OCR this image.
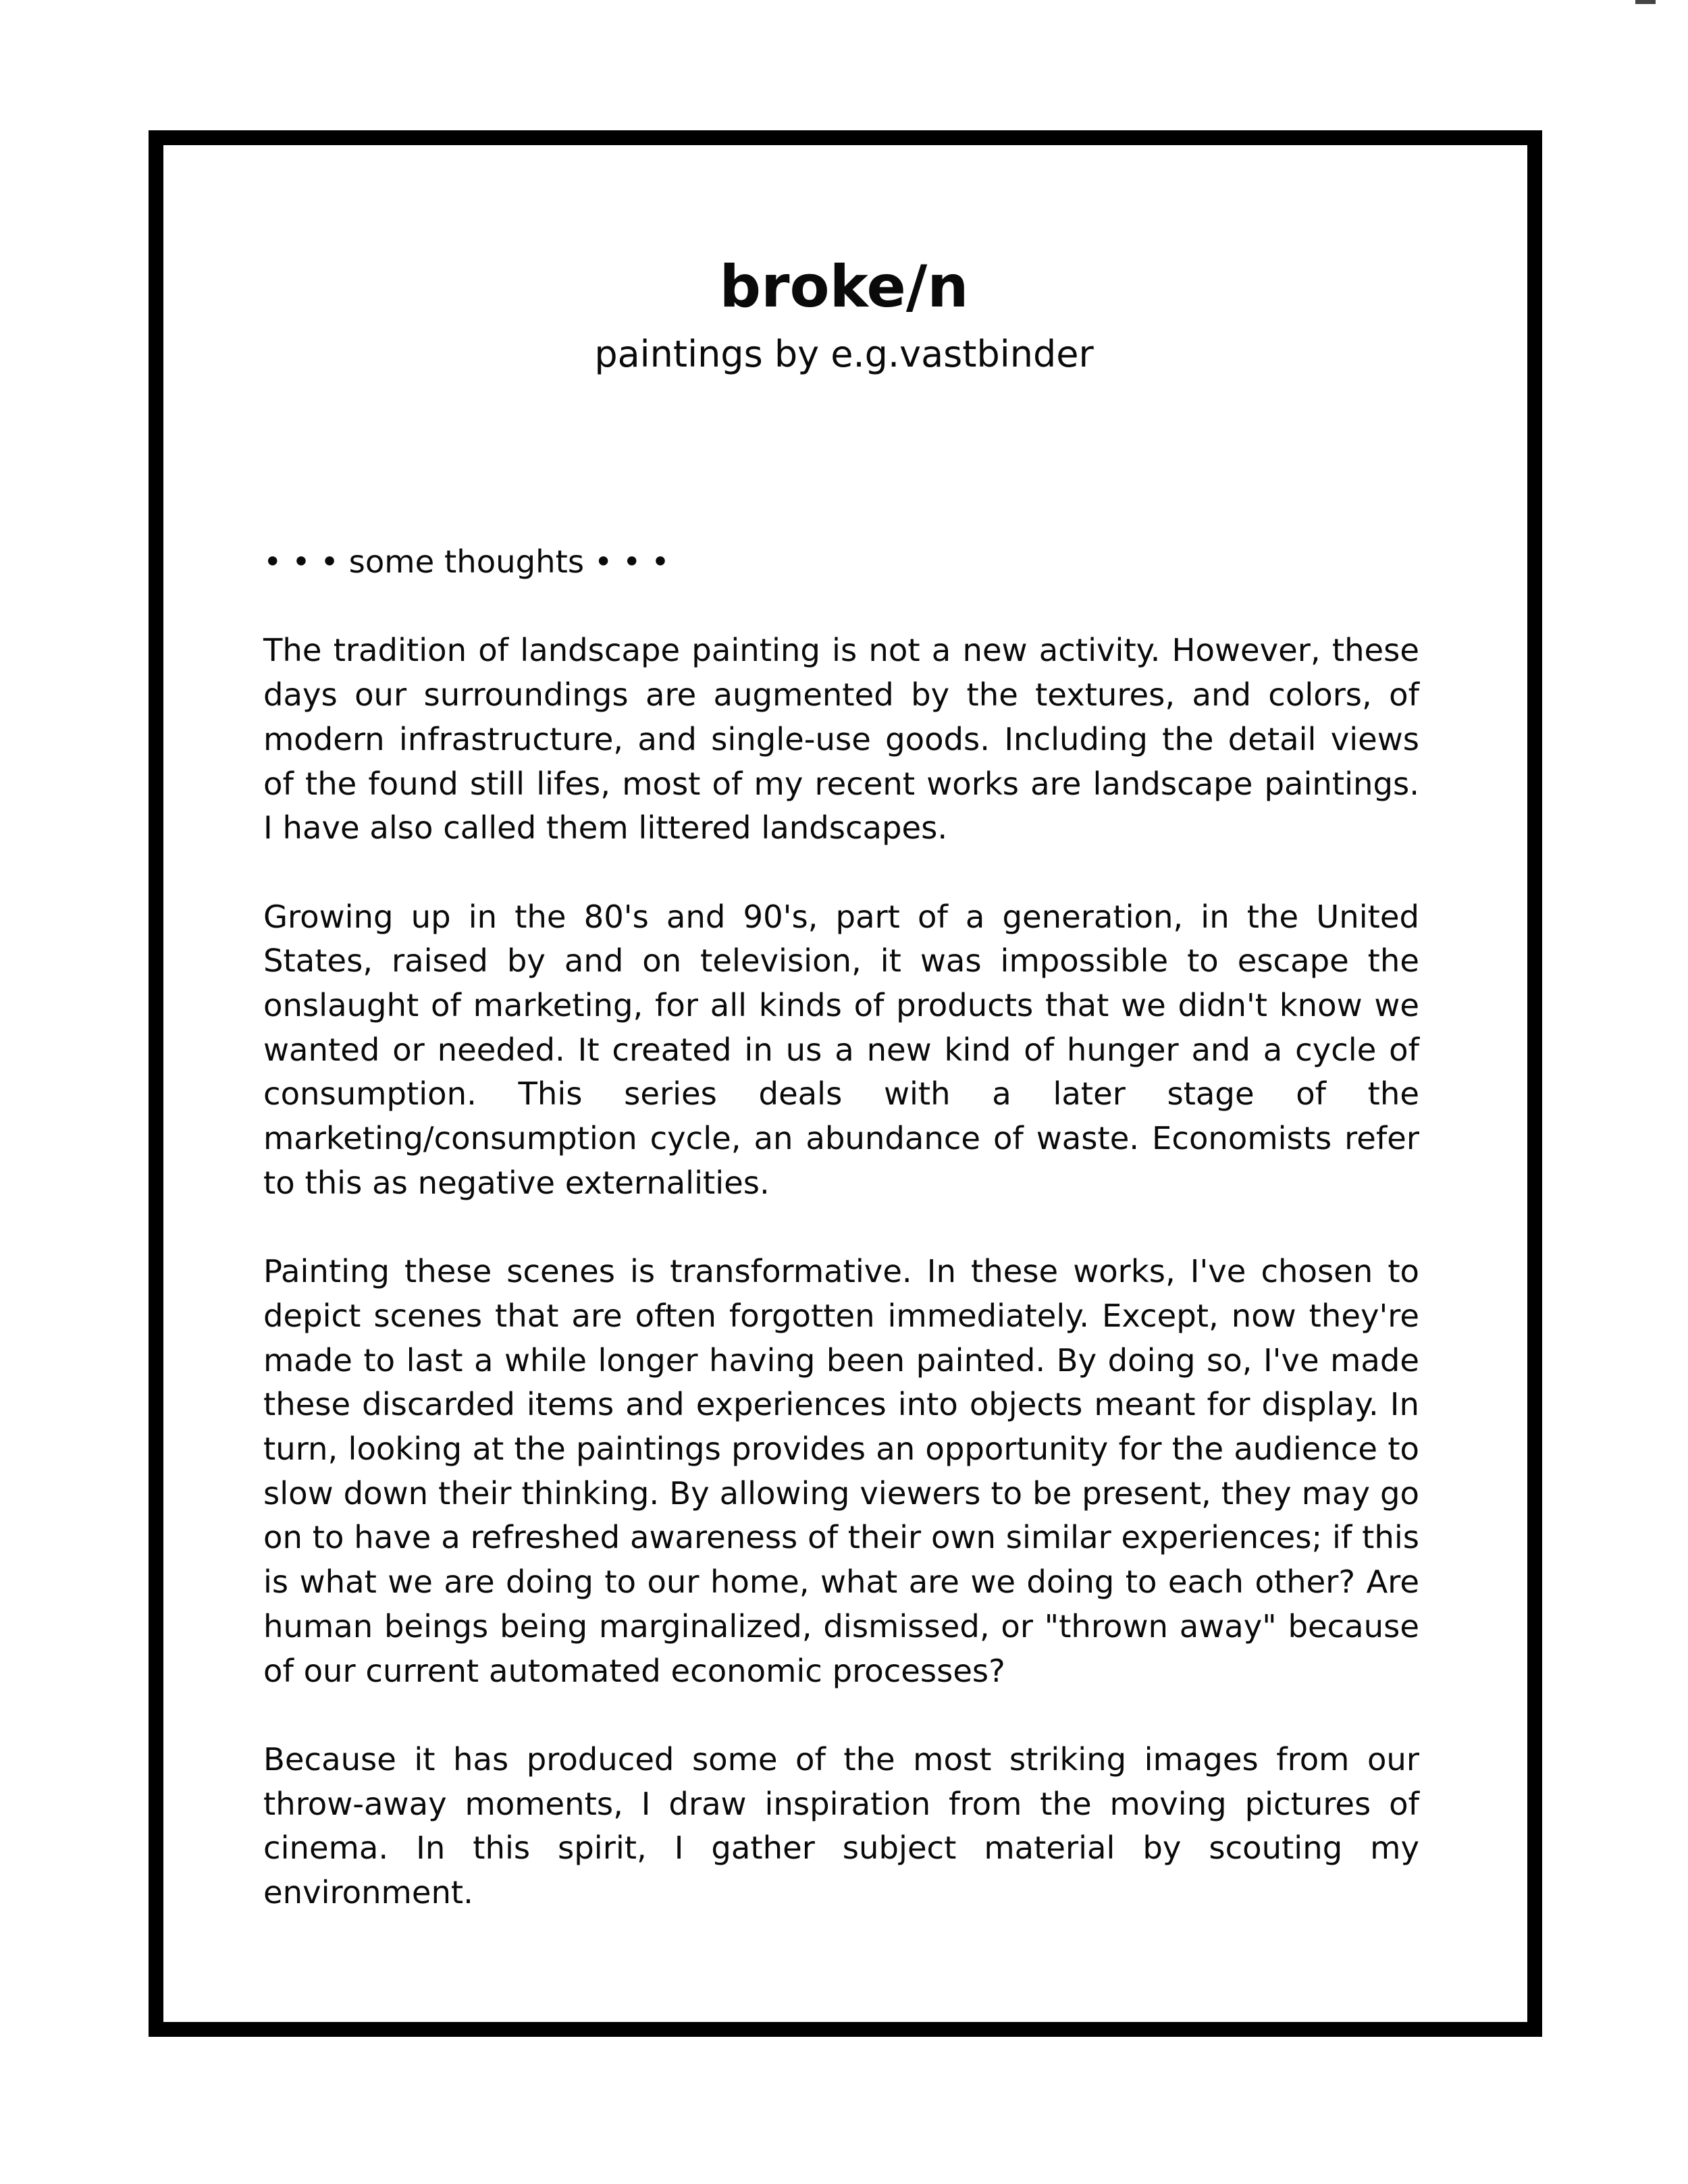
broke/n
paintings by e.g.vastbinder
• • • some thoughts • • •

The tradition of landscape painting is not a new activity. However, these days our surroundings are augmented by the textures, and colors, of modern infrastructure, and single-use goods. Including the detail views of the found still lifes, most of my recent works are landscape paintings. I have also called them littered landscapes.

Growing up in the 80's and 90's, part of a generation, in the United States, raised by and on television, it was impossible to escape the onslaught of marketing, for all kinds of products that we didn't know we wanted or needed. It created in us a new kind of hunger and a cycle of consumption. This series deals with a later stage of the marketing/consumption cycle, an abundance of waste. Economists refer to this as negative externalities.

Painting these scenes is transformative. In these works, I've chosen to depict scenes that are often forgotten immediately. Except, now they're made to last a while longer having been painted. By doing so, I've made these discarded items and experiences into objects meant for display. In turn, looking at the paintings provides an opportunity for the audience to slow down their thinking. By allowing viewers to be present, they may go on to have a refreshed awareness of their own similar experiences; if this is what we are doing to our home, what are we doing to each other? Are human beings being marginalized, dismissed, or "thrown away" because of our current automated economic processes?

Because it has produced some of the most striking images from our throw-away moments, I draw inspiration from the moving pictures of cinema. In this spirit, I gather subject material by scouting my environment.
